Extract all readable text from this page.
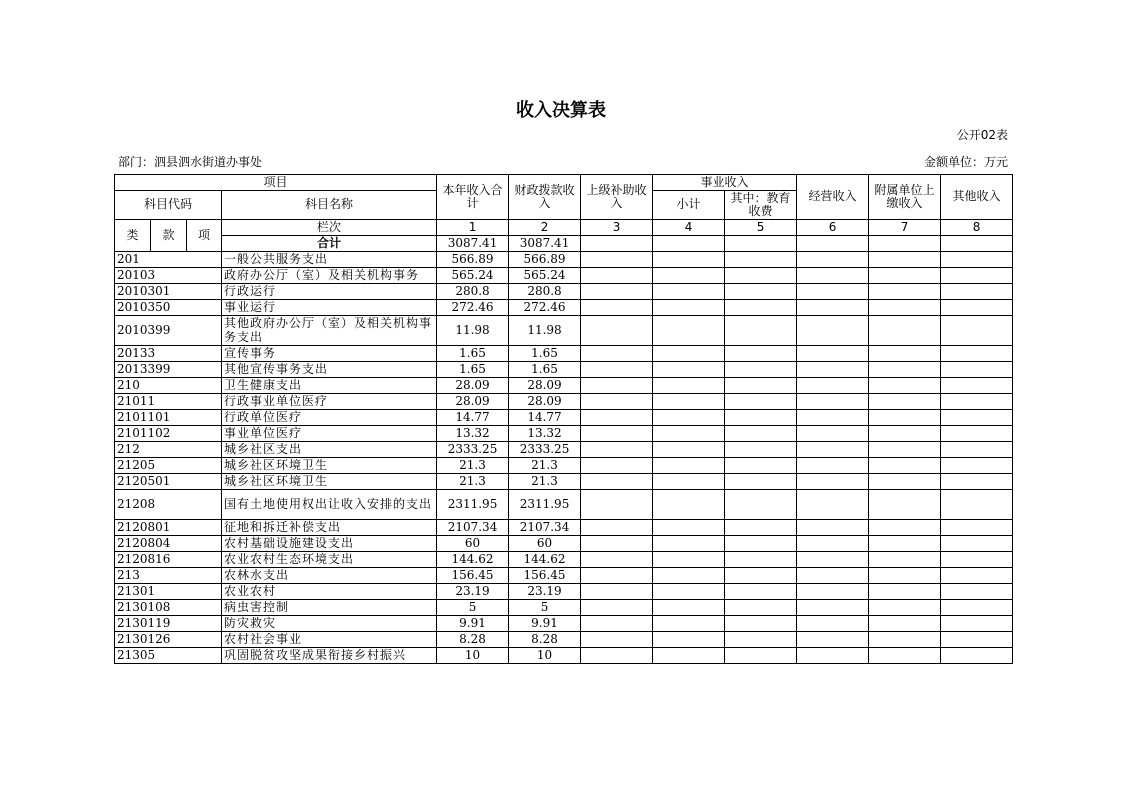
收入决算表
公开02表
部门：泗县泗水街道办事处	金额单位：万元
项目				本年收入合计	财政拨款收入	上级补助收入	事业收入		经营收入	附属单位上缴收入	其他收入
科目代码			科目名称				小计	其中：教育收费			

类	款	项	栏次	1	2	3	4	5	6	7	8
			合计	3087.41	3087.41						
201			一般公共服务支出	566.89	566.89						
20103			政府办公厅（室）及相关机构事务	565.24	565.24						
2010301			行政运行	280.8	280.8						
2010350			事业运行	272.46	272.46						
2010399			其他政府办公厅（室）及相关机构事务支出	11.98	11.98						
20133			宣传事务	1.65	1.65						
2013399			其他宣传事务支出	1.65	1.65						
210			卫生健康支出	28.09	28.09						
21011			行政事业单位医疗	28.09	28.09						
2101101			行政单位医疗	14.77	14.77						
2101102			事业单位医疗	13.32	13.32						
212			城乡社区支出	2333.25	2333.25						
21205			城乡社区环境卫生	21.3	21.3						
2120501			城乡社区环境卫生	21.3	21.3						
21208			国有土地使用权出让收入安排的支出	2311.95	2311.95						
2120801			征地和拆迁补偿支出	2107.34	2107.34						
2120804			农村基础设施建设支出	60	60						
2120816			农业农村生态环境支出	144.62	144.62						
213			农林水支出	156.45	156.45						
21301			农业农村	23.19	23.19						
2130108			病虫害控制	5	5						
2130119			防灾救灾	9.91	9.91						
2130126			农村社会事业	8.28	8.28						
21305			巩固脱贫攻坚成果衔接乡村振兴	10	10						
